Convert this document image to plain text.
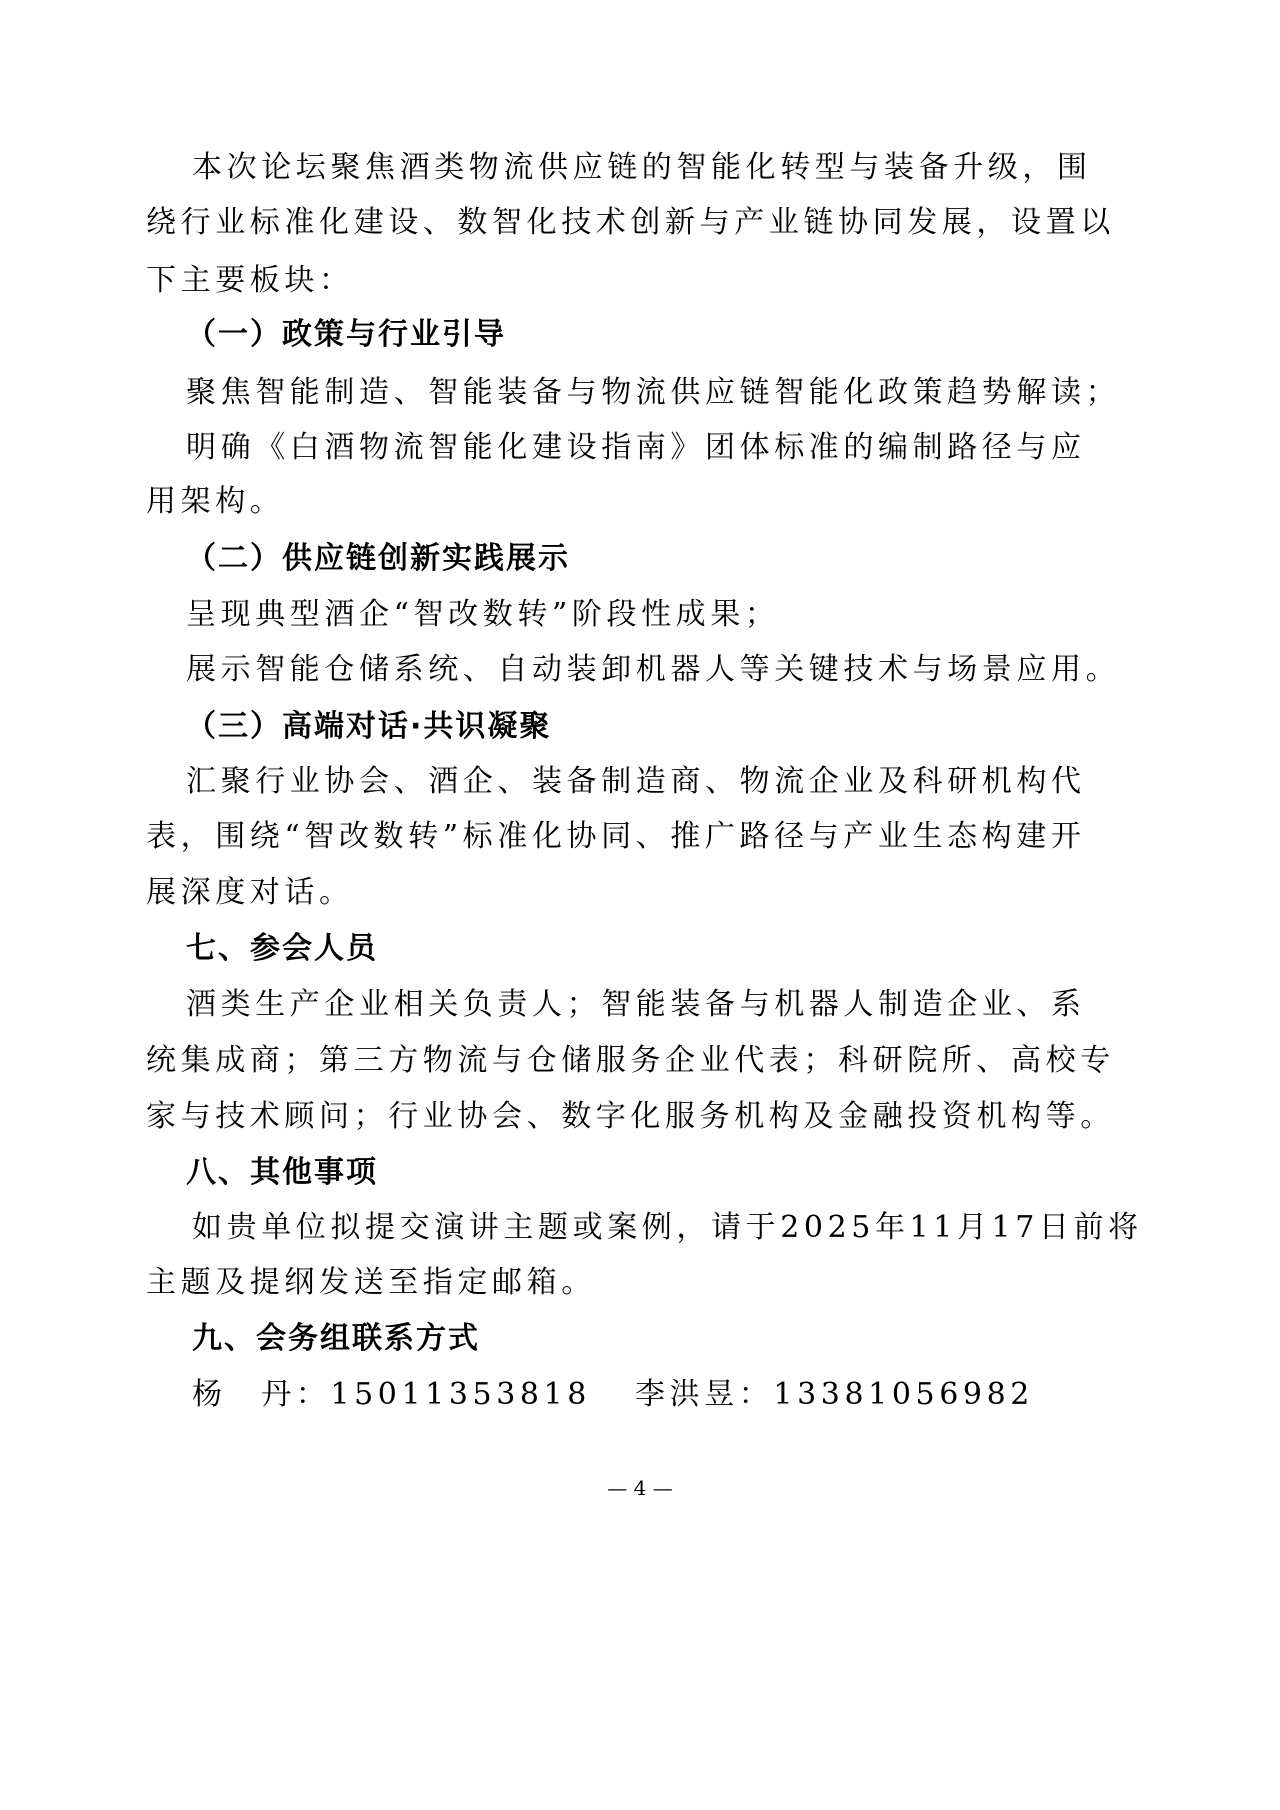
本次论坛聚焦酒类物流供应链的智能化转型与装备升级，围
绕行业标准化建设、数智化技术创新与产业链协同发展，设置以
下主要板块：
（一）政策与行业引导
聚焦智能制造、智能装备与物流供应链智能化政策趋势解读；
明确《白酒物流智能化建设指南》团体标准的编制路径与应
用架构。
（二）供应链创新实践展示
呈现典型酒企“智改数转”阶段性成果；
展示智能仓储系统、自动装卸机器人等关键技术与场景应用。
（三）高端对话·共识凝聚
汇聚行业协会、酒企、装备制造商、物流企业及科研机构代
表，围绕“智改数转”标准化协同、推广路径与产业生态构建开
展深度对话。
七、参会人员
酒类生产企业相关负责人；智能装备与机器人制造企业、系
统集成商；第三方物流与仓储服务企业代表；科研院所、高校专
家与技术顾问；行业协会、数字化服务机构及金融投资机构等。
八、其他事项
如贵单位拟提交演讲主题或案例，请于2025年11月17日前将
主题及提纲发送至指定邮箱。
九、会务组联系方式
杨　丹：15011353818 李洪昱：13381056982
— 4 —
